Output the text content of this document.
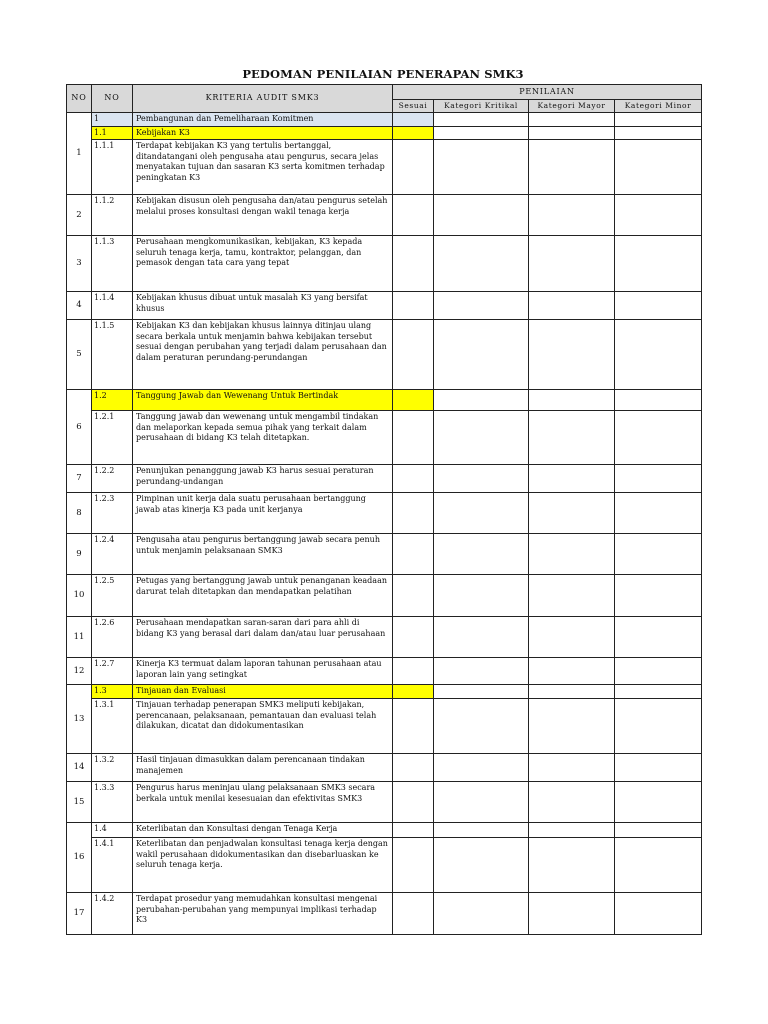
PEDOMAN PENILAIAN PENERAPAN SMK3
NO	NO	KRITERIA AUDIT SMK3	PENILAIAN			
			Sesuai	Kategori Kritikal	Kategori Mayor	Kategori Minor
1	1	Pembangunan dan Pemeliharaan Komitmen				
	1.1	Kebijakan K3				
	1.1.1	Terdapat kebijakan K3 yang tertulis bertanggal, ditandatangani oleh pengusaha atau pengurus, secara jelas menyatakan tujuan dan sasaran K3 serta komitmen terhadap peningkatan K3				
2	1.1.2	Kebijakan disusun oleh pengusaha dan/atau pengurus setelah melalui proses konsultasi dengan wakil tenaga kerja				
3	1.1.3	Perusahaan mengkomunikasikan, kebijakan, K3 kepada seluruh tenaga kerja, tamu, kontraktor, pelanggan, dan pemasok dengan tata cara yang tepat				
4	1.1.4	Kebijakan khusus dibuat untuk masalah K3 yang bersifat khusus				
5	1.1.5	Kebijakan K3 dan kebijakan khusus lainnya ditinjau ulang secara berkala untuk menjamin bahwa kebijakan tersebut sesuai dengan perubahan yang terjadi dalam perusahaan dan dalam peraturan perundang-perundangan				
6	1.2	Tanggung Jawab dan Wewenang Untuk Bertindak				
	1.2.1	Tanggung jawab dan wewenang untuk mengambil tindakan dan melaporkan kepada semua pihak yang terkait dalam perusahaan di bidang K3 telah ditetapkan.				
7	1.2.2	Penunjukan penanggung jawab K3 harus sesuai peraturan perundang-undangan				
8	1.2.3	Pimpinan unit kerja dala suatu perusahaan bertanggung jawab atas kinerja K3 pada unit kerjanya				
9	1.2.4	Pengusaha atau pengurus bertanggung jawab secara penuh untuk menjamin pelaksanaan SMK3				
10	1.2.5	Petugas yang bertanggung jawab untuk penanganan keadaan darurat telah ditetapkan dan mendapatkan pelatihan				
11	1.2.6	Perusahaan mendapatkan saran-saran dari para ahli di bidang K3 yang berasal dari dalam dan/atau luar perusahaan				
12	1.2.7	Kinerja K3 termuat dalam laporan tahunan perusahaan atau laporan lain yang setingkat				
13	1.3	Tinjauan dan Evaluasi				
	1.3.1	Tinjauan terhadap penerapan SMK3 meliputi kebijakan, perencanaan, pelaksanaan, pemantauan dan evaluasi telah dilakukan, dicatat dan didokumentasikan				
14	1.3.2	Hasil tinjauan dimasukkan dalam perencanaan tindakan manajemen				
15	1.3.3	Pengurus harus meninjau ulang pelaksanaan SMK3 secara berkala untuk menilai kesesuaian dan efektivitas SMK3				
16	1.4	Keterlibatan dan Konsultasi dengan Tenaga Kerja				
	1.4.1	Keterlibatan dan penjadwalan konsultasi tenaga kerja dengan wakil perusahaan didokumentasikan dan disebarluaskan ke seluruh tenaga kerja.				
17	1.4.2	Terdapat prosedur yang memudahkan konsultasi mengenai perubahan-perubahan yang mempunyai implikasi terhadap K3				
